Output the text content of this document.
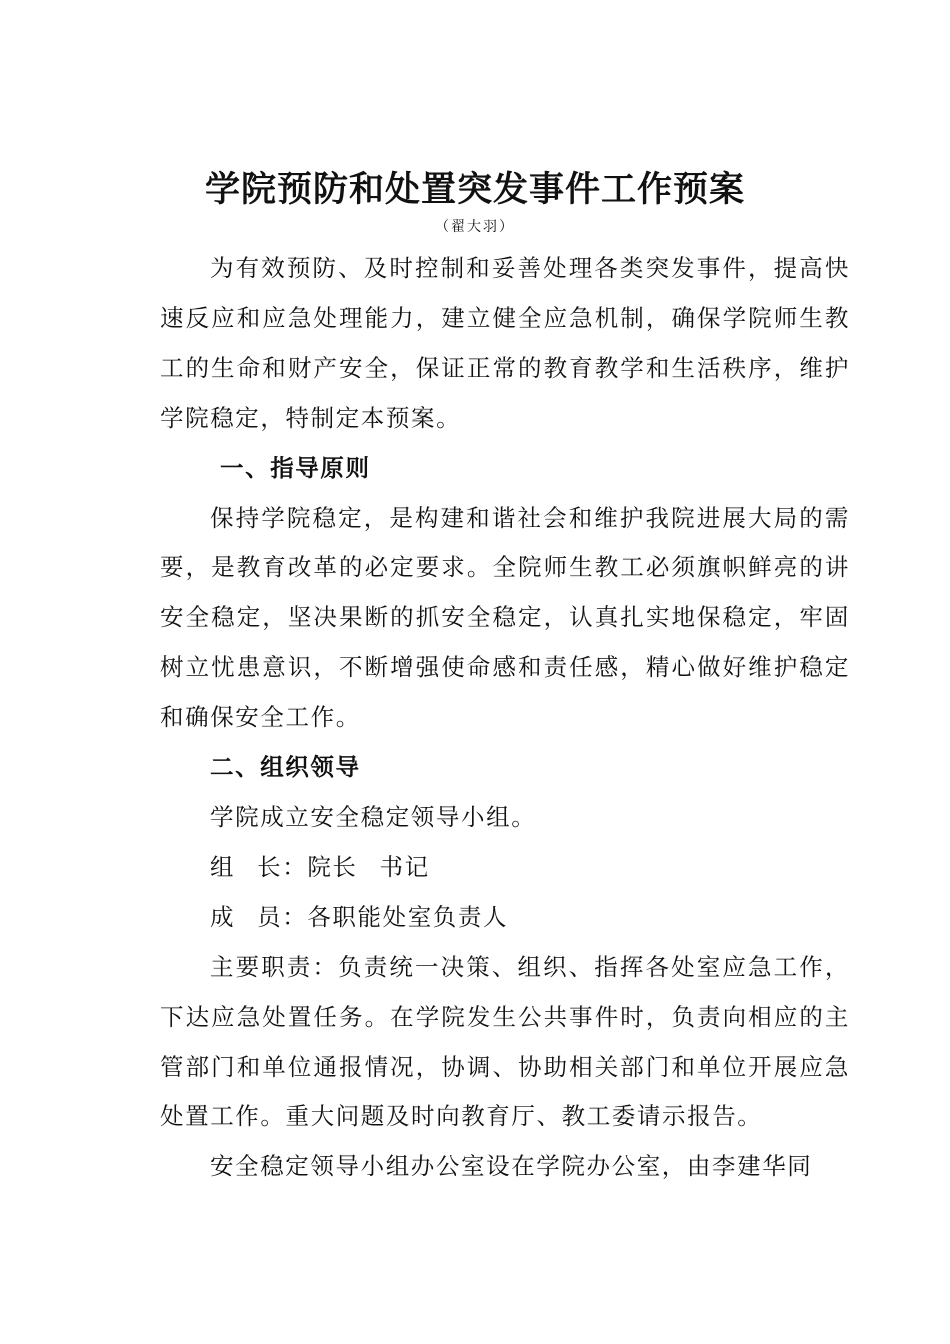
学院预防和处置突发事件工作预案
（翟大羽）

为有效预防、及时控制和妥善处理各类突发事件，提高快速反应和应急处理能力，建立健全应急机制，确保学院师生教工的生命和财产安全，保证正常的教育教学和生活秩序，维护学院稳定，特制定本预案。

一、指导原则

保持学院稳定，是构建和谐社会和维护我院进展大局的需要，是教育改革的必定要求。全院师生教工必须旗帜鲜亮的讲安全稳定，坚决果断的抓安全稳定，认真扎实地保稳定，牢固树立忧患意识，不断增强使命感和责任感，精心做好维护稳定和确保安全工作。

二、组织领导

学院成立安全稳定领导小组。

组 长：院长 书记

成 员：各职能处室负责人

主要职责：负责统一决策、组织、指挥各处室应急工作，下达应急处置任务。在学院发生公共事件时，负责向相应的主管部门和单位通报情况，协调、协助相关部门和单位开展应急处置工作。重大问题及时向教育厅、教工委请示报告。

安全稳定领导小组办公室设在学院办公室，由李建华同
